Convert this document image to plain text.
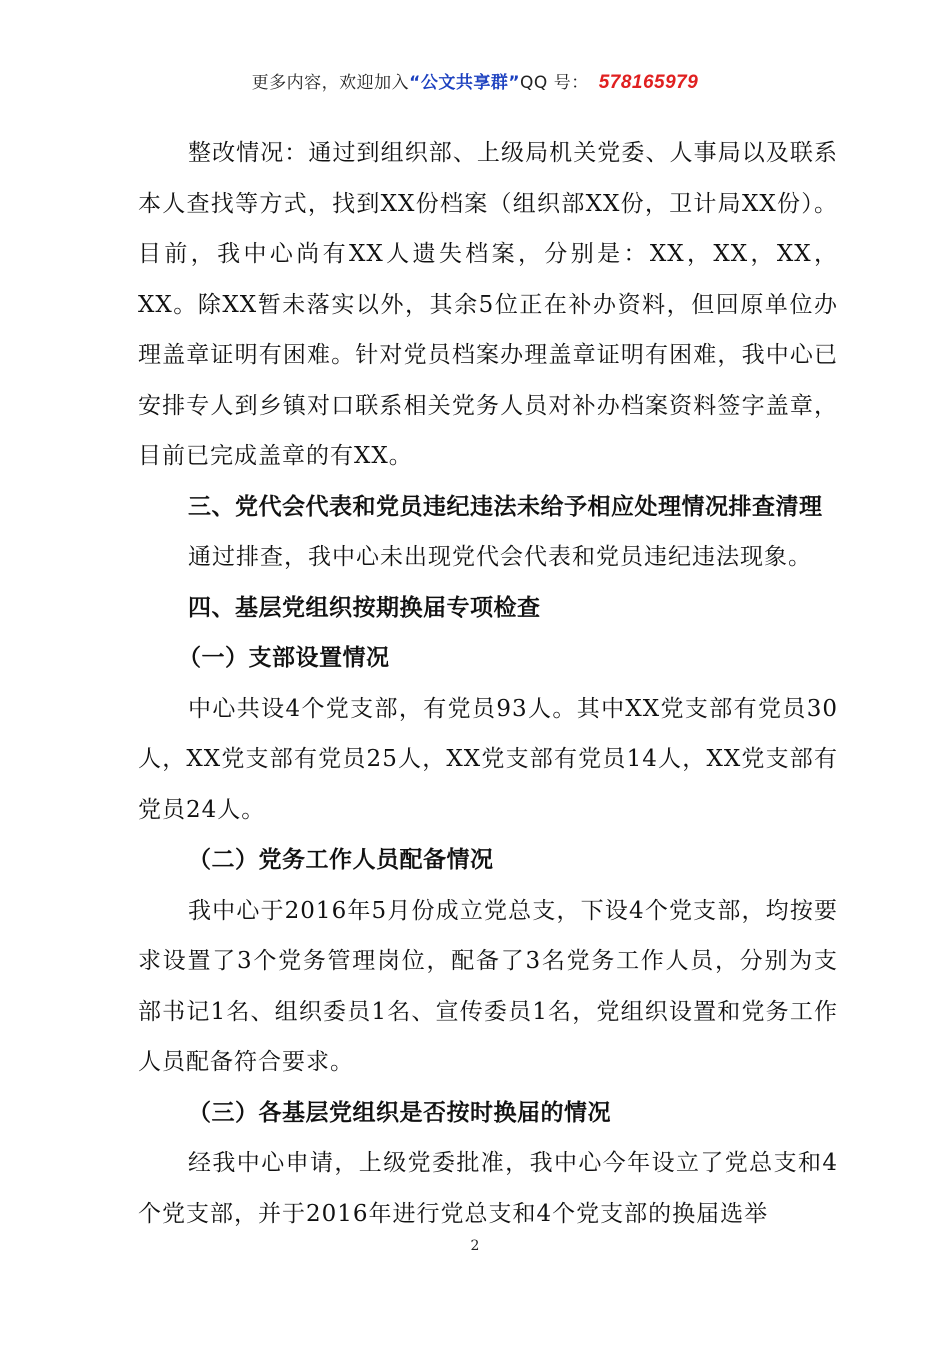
更多内容，欢迎加入“公文共享群”QQ 号： 578165979

整改情况：通过到组织部、上级局机关党委、人事局以及联系本人查找等方式，找到XX份档案（组织部XX份，卫计局XX份）。目前，我中心尚有XX人遗失档案，分别是：XX，XX，XX，XX。除XX暂未落实以外，其余5位正在补办资料，但回原单位办理盖章证明有困难。针对党员档案办理盖章证明有困难，我中心已安排专人到乡镇对口联系相关党务人员对补办档案资料签字盖章，目前已完成盖章的有XX。

三、党代会代表和党员违纪违法未给予相应处理情况排查清理

通过排查，我中心未出现党代会代表和党员违纪违法现象。

四、基层党组织按期换届专项检查

（一）支部设置情况

中心共设4个党支部，有党员93人。其中XX党支部有党员30人，XX党支部有党员25人，XX党支部有党员14人，XX党支部有党员24人。

（二）党务工作人员配备情况

我中心于2016年5月份成立党总支，下设4个党支部，均按要求设置了3个党务管理岗位，配备了3名党务工作人员，分别为支部书记1名、组织委员1名、宣传委员1名，党组织设置和党务工作人员配备符合要求。

（三）各基层党组织是否按时换届的情况

经我中心申请，上级党委批准，我中心今年设立了党总支和4个党支部，并于2016年进行党总支和4个党支部的换届选举

2
